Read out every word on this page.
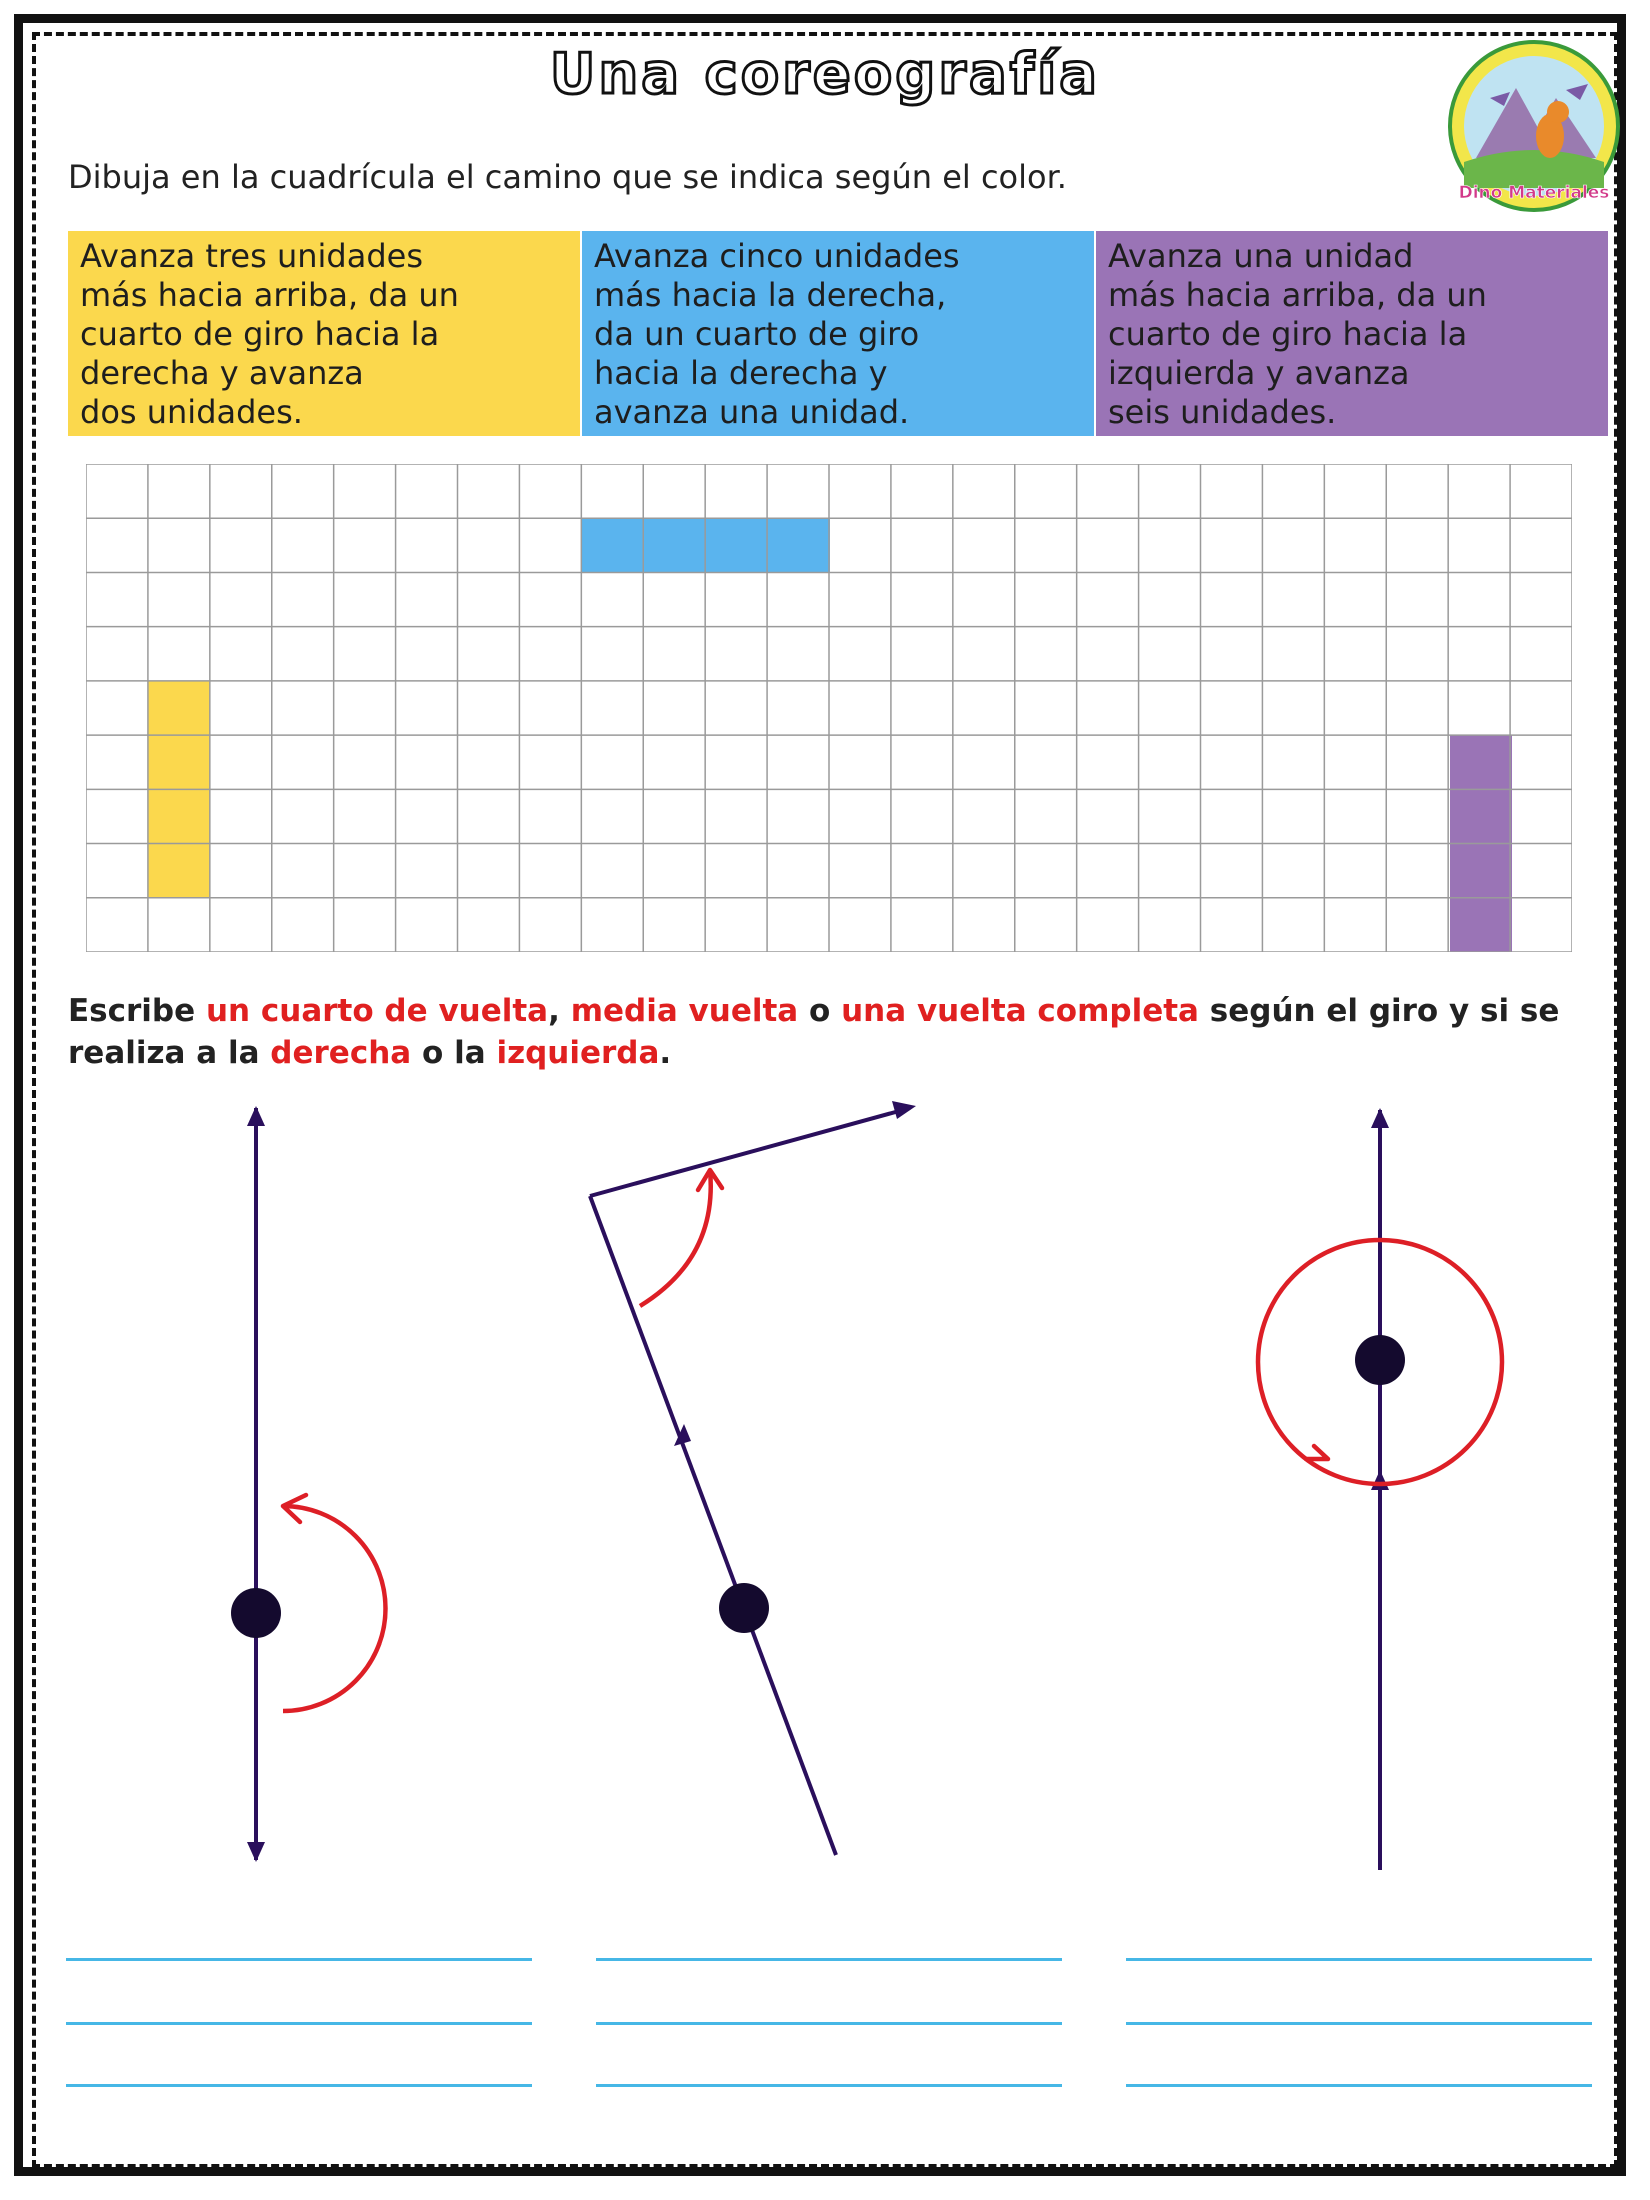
Una coreografía
Dino Materiales

Dibuja en la cuadrícula el camino que se indica según el color.

Avanza tres unidades
más hacia arriba, da un
cuarto de giro hacia la
derecha y avanza
dos unidades.

Avanza cinco unidades
más hacia la derecha,
da un cuarto de giro
hacia la derecha y
avanza una unidad.

Avanza una unidad
más hacia arriba, da un
cuarto de giro hacia la
izquierda y avanza
seis unidades.

Escribe un cuarto de vuelta, media vuelta o una vuelta completa según el giro y si se realiza a la derecha o la izquierda.
